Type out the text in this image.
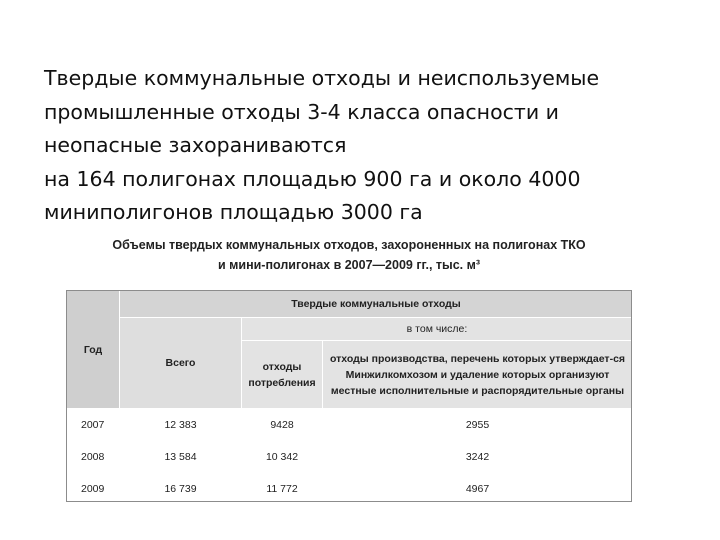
Твердые коммунальные отходы и неиспользуемые
промышленные отходы 3-4 класса опасности и
неопасные захораниваются
на 164 полигонах площадью 900 га и около 4000
миниполигонов площадью 3000 га
Объемы твердых коммунальных отходов, захороненных на полигонах ТКО
и мини-полигонах в 2007—2009 гг., тыс. м³
Год	Твердые коммунальные отходы		
	Всего	в том числе:	
		отходы потребления	отходы производства, перечень которых утверждает-ся Минжилкомхозом и удаление которых организуют местные исполнительные и распорядительные органы
2007	12 383	9428	2955
2008	13 584	10 342	3242
2009	16 739	11 772	4967
